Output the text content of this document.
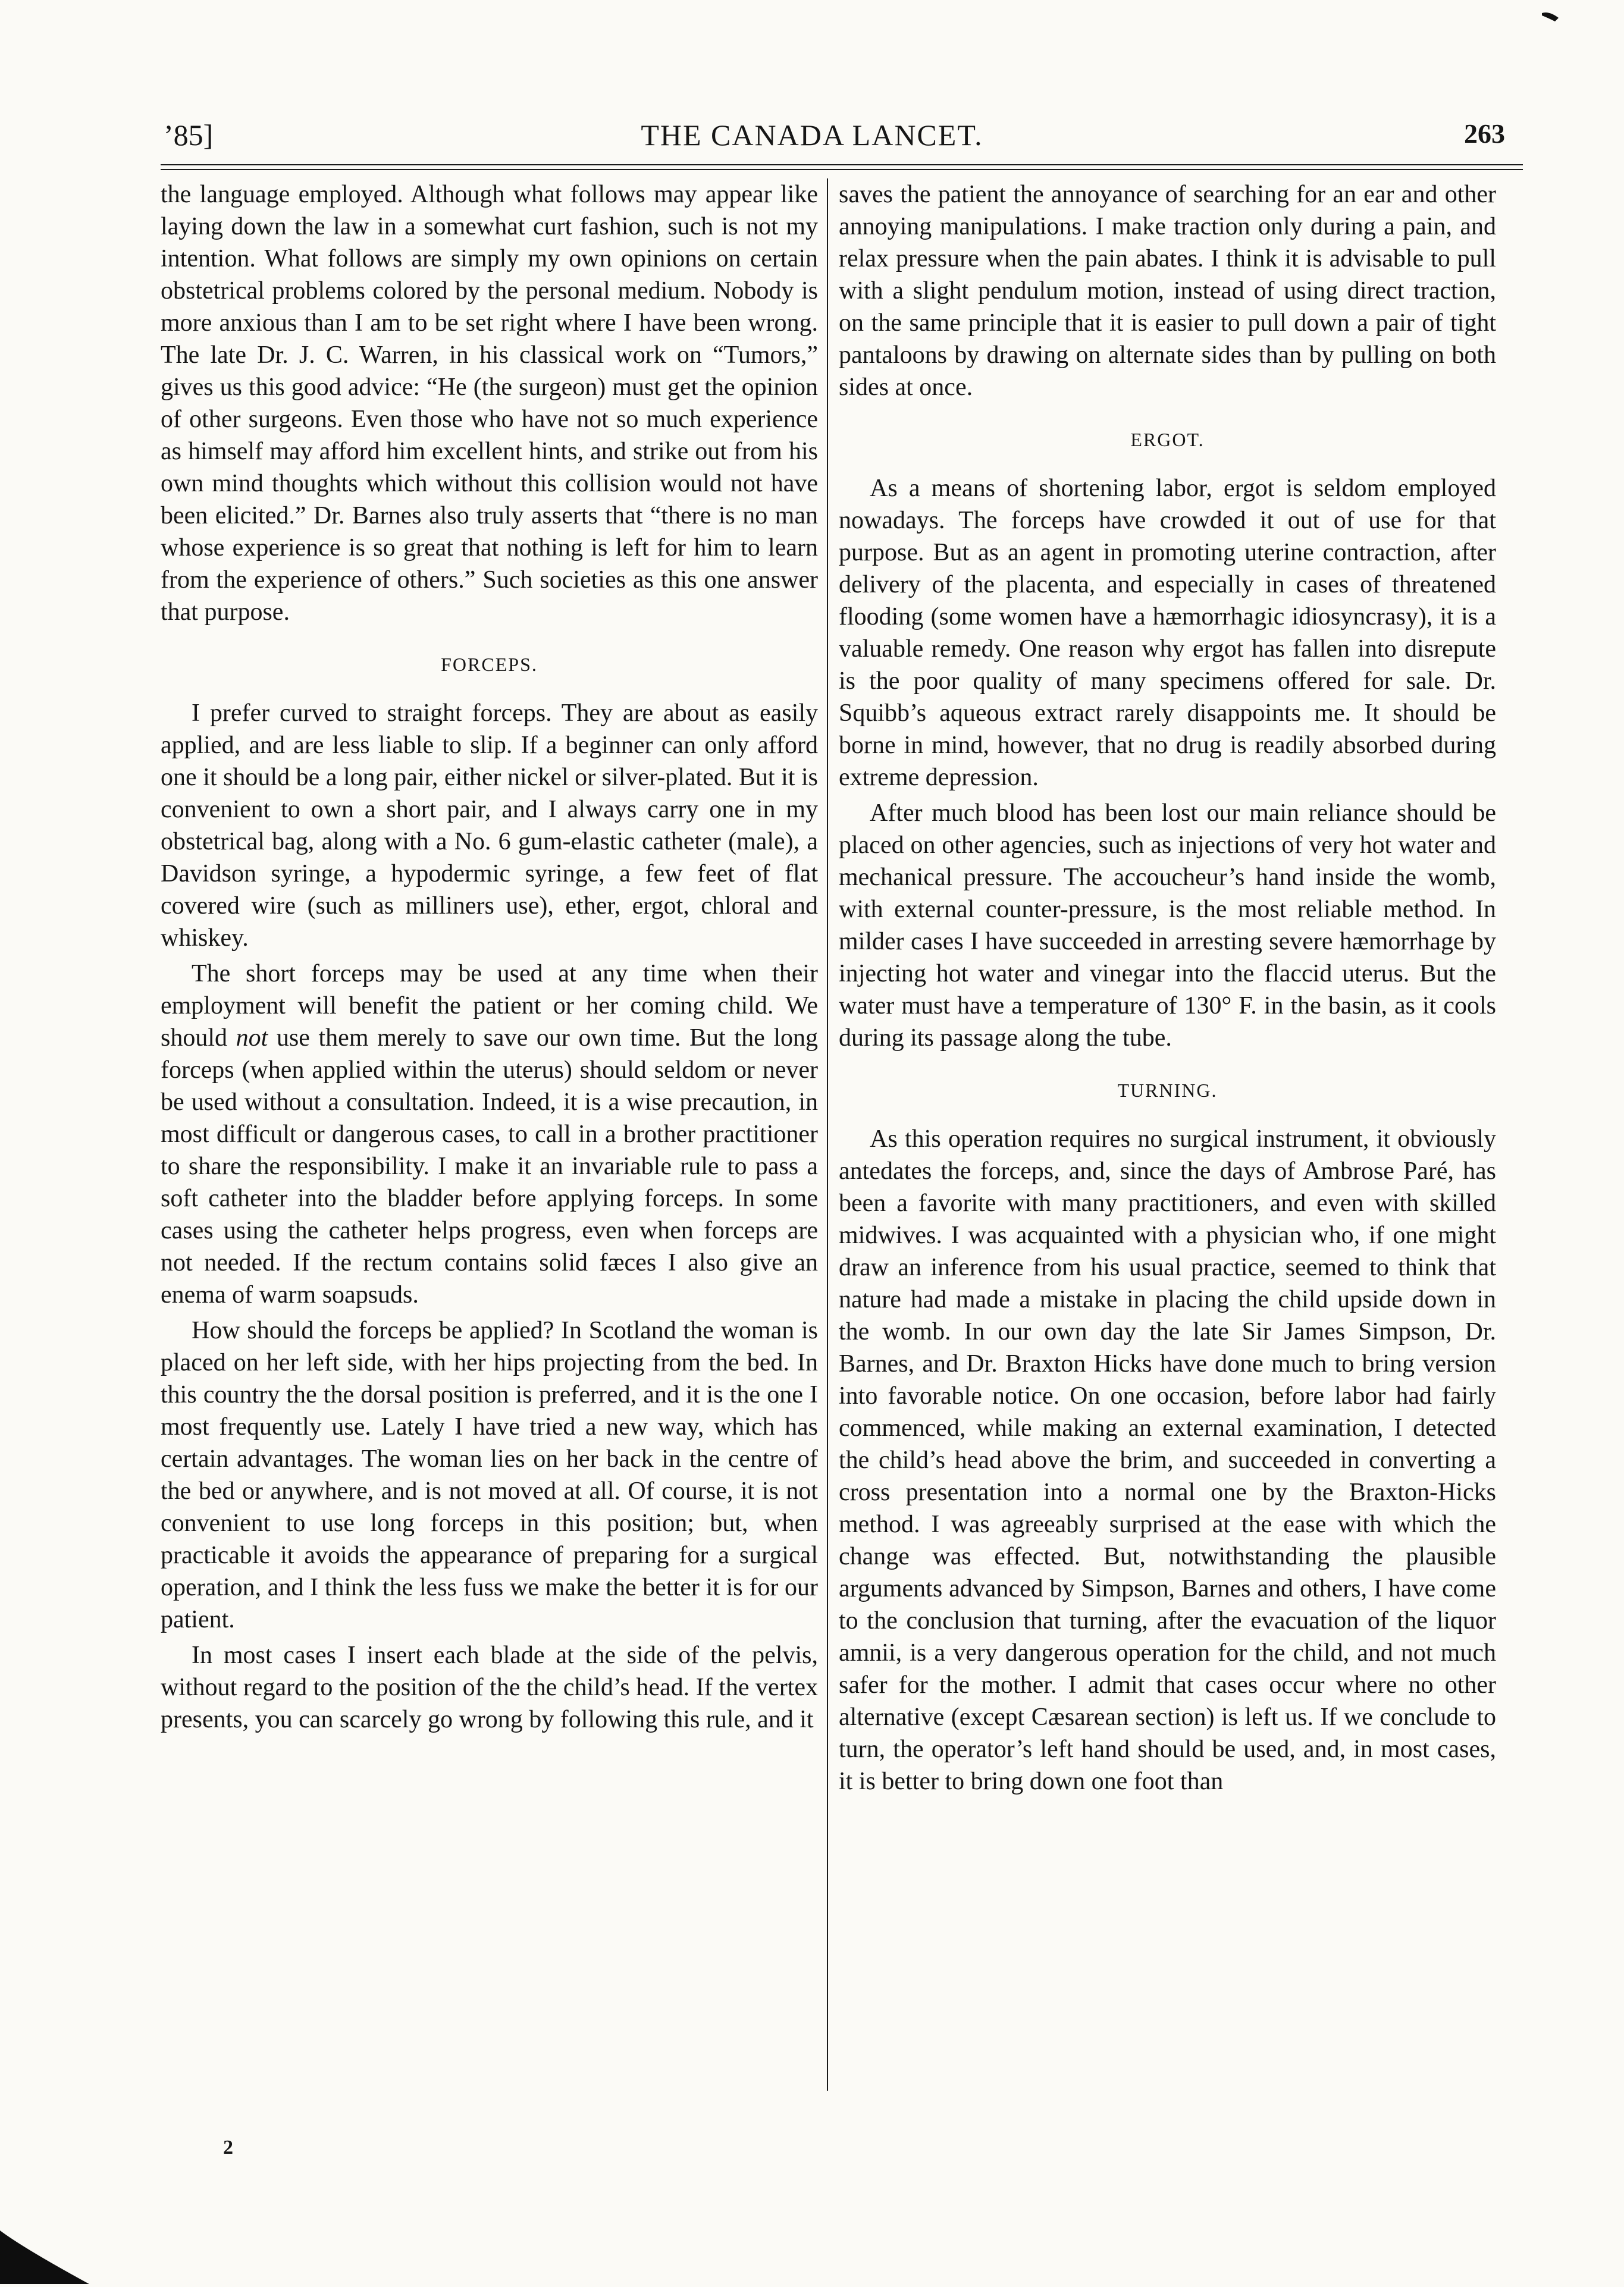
’85]	THE CANADA LANCET.	263

the language employed. Although what follows may appear like laying down the law in a somewhat curt fashion, such is not my intention. What follows are simply my own opinions on certain obstetrical problems colored by the personal medium. Nobody is more anxious than I am to be set right where I have been wrong. The late Dr. J. C. Warren, in his classical work on “Tumors,” gives us this good advice: “He (the surgeon) must get the opinion of other surgeons. Even those who have not so much experience as himself may afford him excellent hints, and strike out from his own mind thoughts which without this collision would not have been elicited.” Dr. Barnes also truly asserts that “there is no man whose experience is so great that nothing is left for him to learn from the experience of others.” Such societies as this one answer that purpose.

FORCEPS.

I prefer curved to straight forceps. They are about as easily applied, and are less liable to slip. If a beginner can only afford one it should be a long pair, either nickel or silver-plated. But it is convenient to own a short pair, and I always carry one in my obstetrical bag, along with a No. 6 gum-elastic catheter (male), a Davidson syringe, a hypodermic syringe, a few feet of flat covered wire (such as milliners use), ether, ergot, chloral and whiskey.

The short forceps may be used at any time when their employment will benefit the patient or her coming child. We should not use them merely to save our own time. But the long forceps (when applied within the uterus) should seldom or never be used without a consultation. Indeed, it is a wise precaution, in most difficult or dangerous cases, to call in a brother practitioner to share the responsibility. I make it an invariable rule to pass a soft catheter into the bladder before applying forceps. In some cases using the catheter helps progress, even when forceps are not needed. If the rectum contains solid fæces I also give an enema of warm soapsuds.

How should the forceps be applied? In Scotland the woman is placed on her left side, with her hips projecting from the bed. In this country the the dorsal position is preferred, and it is the one I most frequently use. Lately I have tried a new way, which has certain advantages. The woman lies on her back in the centre of the bed or anywhere, and is not moved at all. Of course, it is not convenient to use long forceps in this position; but, when practicable it avoids the appearance of preparing for a surgical operation, and I think the less fuss we make the better it is for our patient.

In most cases I insert each blade at the side of the pelvis, without regard to the position of the the child’s head. If the vertex presents, you can scarcely go wrong by following this rule, and it

saves the patient the annoyance of searching for an ear and other annoying manipulations. I make traction only during a pain, and relax pressure when the pain abates. I think it is advisable to pull with a slight pendulum motion, instead of using direct traction, on the same principle that it is easier to pull down a pair of tight pantaloons by drawing on alternate sides than by pulling on both sides at once.

ERGOT.

As a means of shortening labor, ergot is seldom employed nowadays. The forceps have crowded it out of use for that purpose. But as an agent in promoting uterine contraction, after delivery of the placenta, and especially in cases of threatened flooding (some women have a hæmorrhagic idiosyncrasy), it is a valuable remedy. One reason why ergot has fallen into disrepute is the poor quality of many specimens offered for sale. Dr. Squibb’s aqueous extract rarely disappoints me. It should be borne in mind, however, that no drug is readily absorbed during extreme depression.

After much blood has been lost our main reliance should be placed on other agencies, such as injections of very hot water and mechanical pressure. The accoucheur’s hand inside the womb, with external counter-pressure, is the most reliable method. In milder cases I have succeeded in arresting severe hæmorrhage by injecting hot water and vinegar into the flaccid uterus. But the water must have a temperature of 130° F. in the basin, as it cools during its passage along the tube.

TURNING.

As this operation requires no surgical instrument, it obviously antedates the forceps, and, since the days of Ambrose Paré, has been a favorite with many practitioners, and even with skilled midwives. I was acquainted with a physician who, if one might draw an inference from his usual practice, seemed to think that nature had made a mistake in placing the child upside down in the womb. In our own day the late Sir James Simpson, Dr. Barnes, and Dr. Braxton Hicks have done much to bring version into favorable notice. On one occasion, before labor had fairly commenced, while making an external examination, I detected the child’s head above the brim, and succeeded in converting a cross presentation into a normal one by the Braxton-Hicks method. I was agreeably surprised at the ease with which the change was effected. But, notwithstanding the plausible arguments advanced by Simpson, Barnes and others, I have come to the conclusion that turning, after the evacuation of the liquor amnii, is a very dangerous operation for the child, and not much safer for the mother. I admit that cases occur where no other alternative (except Cæsarean section) is left us. If we conclude to turn, the operator’s left hand should be used, and, in most cases, it is better to bring down one foot than

2
